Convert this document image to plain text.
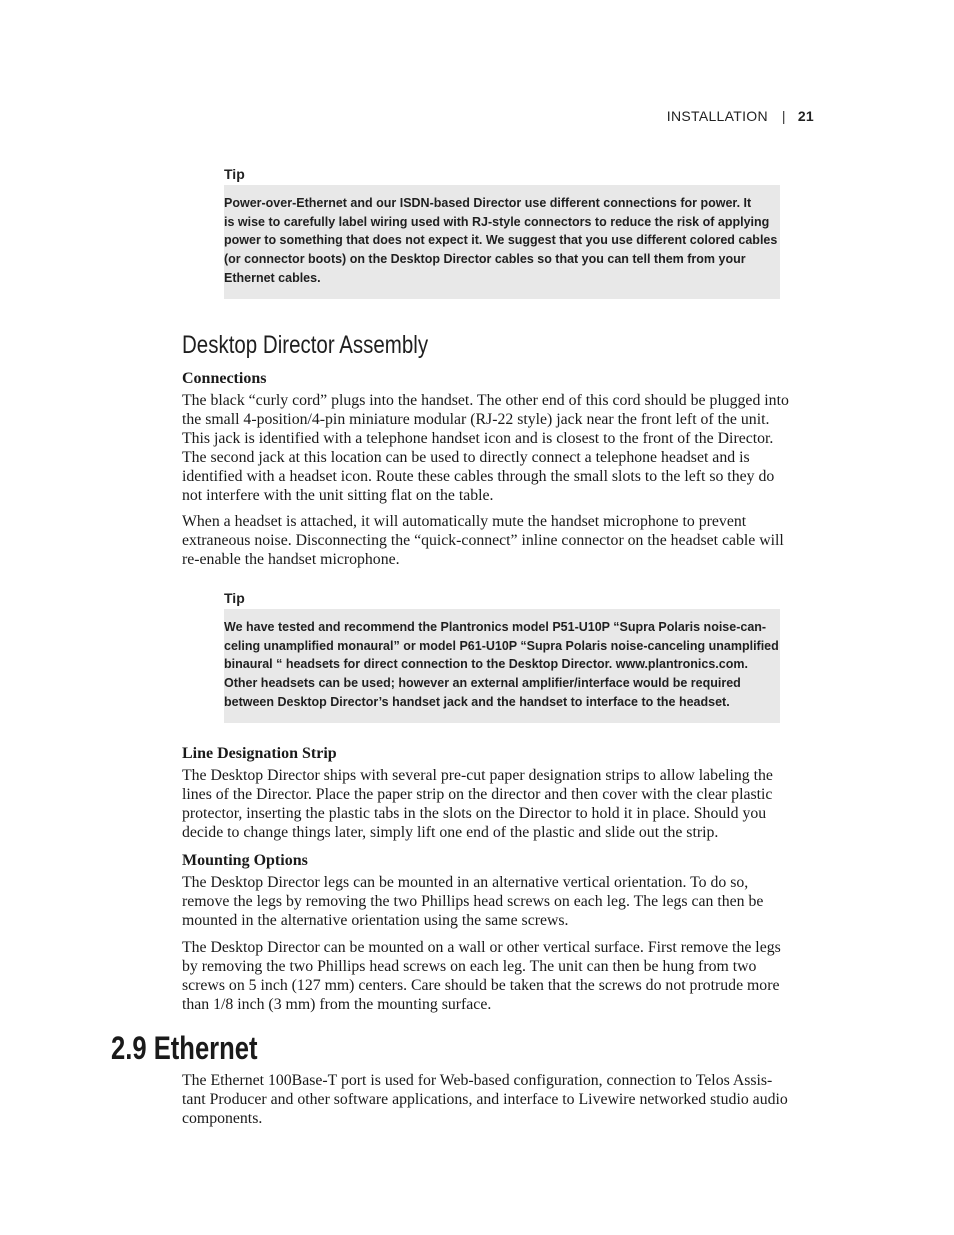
INSTALLATION | 21
Tip

Power-over-Ethernet and our ISDN-based Director use different connections for power. It

is wise to carefully label wiring used with RJ-style connectors to reduce the risk of applying

power to something that does not expect it. We suggest that you use different colored cables

(or connector boots) on the Desktop Director cables so that you can tell them from your

Ethernet cables.

Desktop Director Assembly
Connections

The black “curly cord” plugs into the handset. The other end of this cord should be plugged into

the small 4-position/4-pin miniature modular (RJ-22 style) jack near the front left of the unit.

This jack is identified with a telephone handset icon and is closest to the front of the Director.

The second jack at this location can be used to directly connect a telephone headset and is

identified with a headset icon. Route these cables through the small slots to the left so they do

not interfere with the unit sitting flat on the table.

When a headset is attached, it will automatically mute the handset microphone to prevent

extraneous noise. Disconnecting the “quick-connect” inline connector on the headset cable will

re-enable the handset microphone.

Tip

We have tested and recommend the Plantronics model P51-U10P “Supra Polaris noise-can-

celing unamplified monaural” or model P61-U10P “Supra Polaris noise-canceling unamplified

binaural “ headsets for direct connection to the Desktop Director. www.plantronics.com.

Other headsets can be used; however an external amplifier/interface would be required

between Desktop Director’s handset jack and the handset to interface to the headset.

Line Designation Strip

The Desktop Director ships with several pre-cut paper designation strips to allow labeling the

lines of the Director. Place the paper strip on the director and then cover with the clear plastic

protector, inserting the plastic tabs in the slots on the Director to hold it in place. Should you

decide to change things later, simply lift one end of the plastic and slide out the strip.

Mounting Options

The Desktop Director legs can be mounted in an alternative vertical orientation. To do so,

remove the legs by removing the two Phillips head screws on each leg. The legs can then be

mounted in the alternative orientation using the same screws.

The Desktop Director can be mounted on a wall or other vertical surface. First remove the legs

by removing the two Phillips head screws on each leg. The unit can then be hung from two

screws on 5 inch (127 mm) centers. Care should be taken that the screws do not protrude more

than 1/8 inch (3 mm) from the mounting surface.

2.9 Ethernet

The Ethernet 100Base-T port is used for Web-based configuration, connection to Telos Assis-

tant Producer and other software applications, and interface to Livewire networked studio audio

components.
